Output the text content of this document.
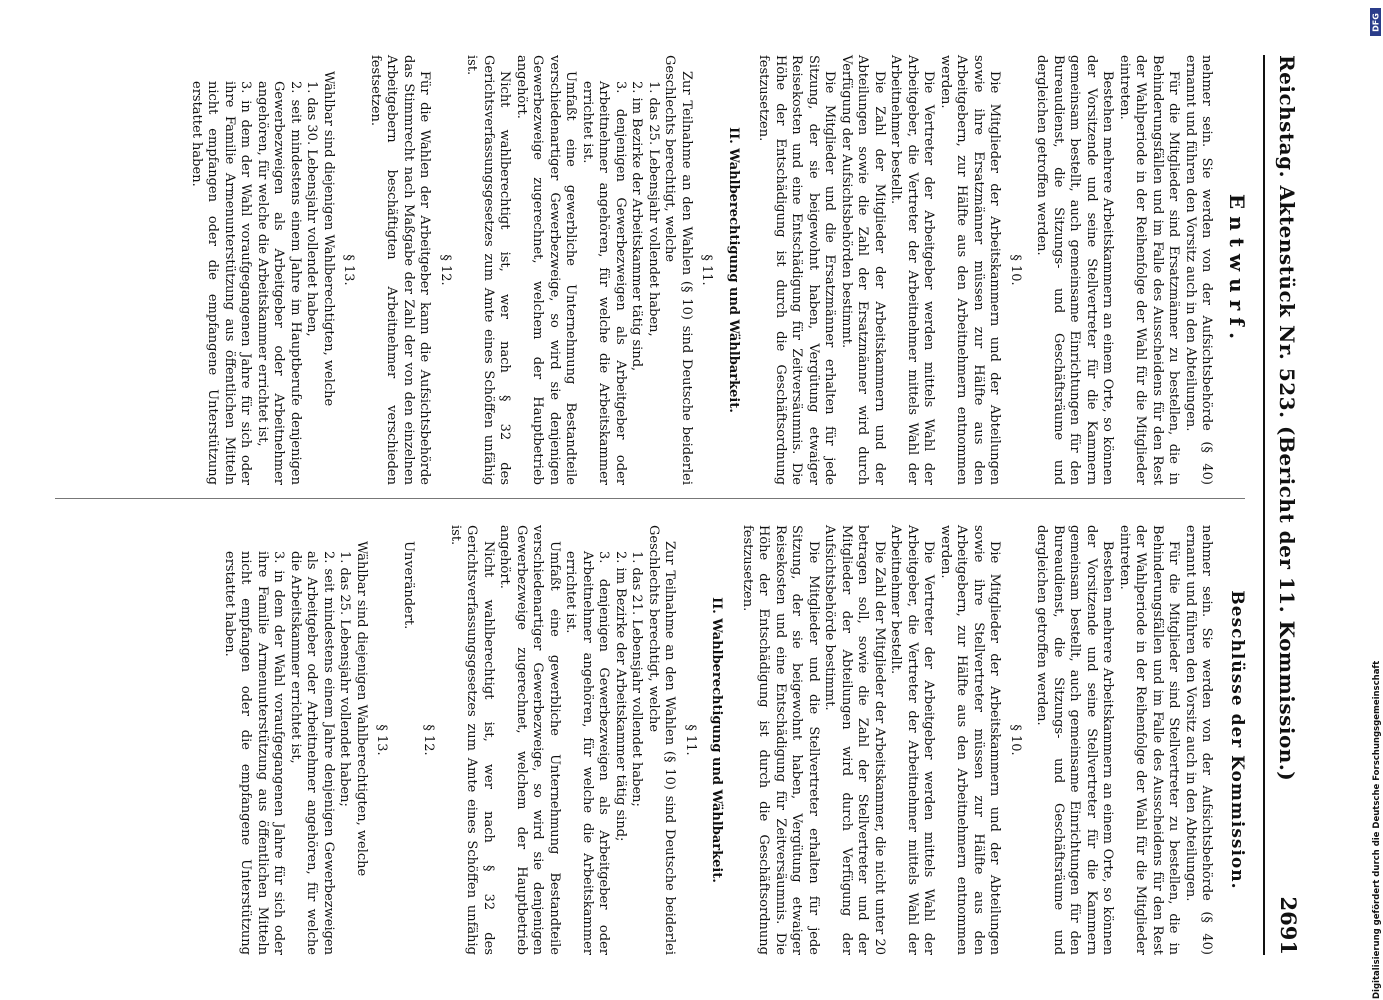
Reichstag. Aktenstück Nr. 523. (Bericht der 11. Kommission.)
2691
Entwurf.

nehmer sein. Sie werden von der Aufsichtsbehörde (§ 40) ernannt und führen den Vorsitz auch in den Abteilungen.

Für die Mitglieder sind Ersatzmänner zu bestellen, die in Behinderungsfällen und im Falle des Ausscheidens für den Rest der Wahlperiode in der Reihenfolge der Wahl für die Mitglieder eintreten.

Bestehen mehrere Arbeitskammern an einem Orte, so können der Vorsitzende und seine Stellvertreter für die Kammern gemeinsam bestellt, auch gemeinsame Einrichtungen für den Bureaudienst, die Sitzungs- und Geschäftsräume und dergleichen getroffen werden.

§ 10.

Die Mitglieder der Arbeitskammern und der Abteilungen sowie ihre Ersatzmänner müssen zur Hälfte aus den Arbeitgebern, zur Hälfte aus den Arbeitnehmern entnommen werden.

Die Vertreter der Arbeitgeber werden mittels Wahl der Arbeitgeber, die Vertreter der Arbeitnehmer mittels Wahl der Arbeitnehmer bestellt.

Die Zahl der Mitglieder der Arbeitskammern und der Abteilungen sowie die Zahl der Ersatzmänner wird durch Verfügung der Aufsichtsbehörden bestimmt.

Die Mitglieder und die Ersatzmänner erhalten für jede Sitzung, der sie beigewohnt haben, Vergütung etwaiger Reisekosten und eine Entschädigung für Zeitversäumnis. Die Höhe der Entschädigung ist durch die Geschäftsordnung festzusetzen.

II. Wahlberechtigung und Wählbarkeit.
§ 11.

Zur Teilnahme an den Wahlen (§ 10) sind Deutsche beiderlei Geschlechts berechtigt, welche

1. das 25. Lebensjahr vollendet haben,
2. im Bezirke der Arbeitskammer tätig sind,
3. denjenigen Gewerbezweigen als Arbeitgeber oder Arbeitnehmer angehören, für welche die Arbeitskammer errichtet ist.

Umfaßt eine gewerbliche Unternehmung Bestandteile verschiedenartiger Gewerbezweige, so wird sie denjenigen Gewerbezweige zugerechnet, welchem der Hauptbetrieb angehört.

Nicht wahlberechtigt ist, wer nach § 32 des Gerichtsverfassungsgesetzes zum Amte eines Schöffen unfähig ist.

§ 12.

Für die Wahlen der Arbeitgeber kann die Aufsichtsbehörde das Stimmrecht nach Maßgabe der Zahl der von den einzelnen Arbeitgebern beschäftigten Arbeitnehmer verschieden festsetzen.

§ 13.

Wählbar sind diejenigen Wahlberechtigten, welche

1. das 30. Lebensjahr vollendet haben,
2. seit mindestens einem Jahre im Hauptberufe denjenigen Gewerbezweigen als Arbeitgeber oder Arbeitnehmer angehören, für welche die Arbeitskammer errichtet ist,
3. in dem der Wahl voraufgegangenen Jahre für sich oder ihre Familie Armenunterstützung aus öffentlichen Mitteln nicht empfangen oder die empfangene Unterstützung erstattet haben.
Beschlüsse der Kommission.

nehmer sein. Sie werden von der Aufsichtsbehörde (§ 40) ernannt und führen den Vorsitz auch in den Abteilungen.

Für die Mitglieder sind Stellvertreter zu bestellen, die in Behinderungsfällen und im Falle des Ausscheidens für den Rest der Wahlperiode in der Reihenfolge der Wahl für die Mitglieder eintreten.

Bestehen mehrere Arbeitskammern an einem Orte, so können der Vorsitzende und seine Stellvertreter für die Kammern gemeinsam bestellt, auch gemeinsame Einrichtungen für den Bureaudienst, die Sitzungs- und Geschäftsräume und dergleichen getroffen werden.

§ 10.

Die Mitglieder der Arbeitskammern und der Abteilungen sowie ihre Stellvertreter müssen zur Hälfte aus den Arbeitgebern, zur Hälfte aus den Arbeitnehmern entnommen werden.

Die Vertreter der Arbeitgeber werden mittels Wahl der Arbeitgeber, die Vertreter der Arbeitnehmer mittels Wahl der Arbeitnehmer bestellt.

Die Zahl der Mitglieder der Arbeitskammer, die nicht unter 20 betragen soll, sowie die Zahl der Stellvertreter und der Mitglieder der Abteilungen wird durch Verfügung der Aufsichtsbehörde bestimmt.

Die Mitglieder und die Stellvertreter erhalten für jede Sitzung, der sie beigewohnt haben, Vergütung etwaiger Reisekosten und eine Entschädigung für Zeitversäumnis. Die Höhe der Entschädigung ist durch die Geschäftsordnung festzusetzen.

II. Wahlberechtigung und Wählbarkeit.
§ 11.

Zur Teilnahme an den Wahlen (§ 10) sind Deutsche beiderlei Geschlechts berechtigt, welche

1. das 21. Lebensjahr vollendet haben;
2. im Bezirke der Arbeitskammer tätig sind;
3. denjenigen Gewerbezweigen als Arbeitgeber oder Arbeitnehmer angehören, für welche die Arbeitskammer errichtet ist.

Umfaßt eine gewerbliche Unternehmung Bestandteile verschiedenartiger Gewerbezweige, so wird sie denjenigen Gewerbezweige zugerechnet, welchem der Hauptbetrieb angehört.

Nicht wahlberechtigt ist, wer nach § 32 des Gerichtsverfassungsgesetzes zum Amte eines Schöffen unfähig ist.

§ 12.

Unverändert.

§ 13.

Wählbar sind diejenigen Wahlberechtigten, welche

1. das 25. Lebensjahr vollendet haben;
2. seit mindestens einem Jahre denjenigen Gewerbezweigen als Arbeitgeber oder Arbeitnehmer angehören, für welche die Arbeitskammer errichtet ist,
3. in dem der Wahl voraufgegangenen Jahre für sich oder ihre Familie Armenunterstützung aus öffentlichen Mitteln nicht empfangen oder die empfangene Unterstützung erstattet haben.
DFG
Digitalisierung gefördert durch die Deutsche Forschungsgemeinschaft
